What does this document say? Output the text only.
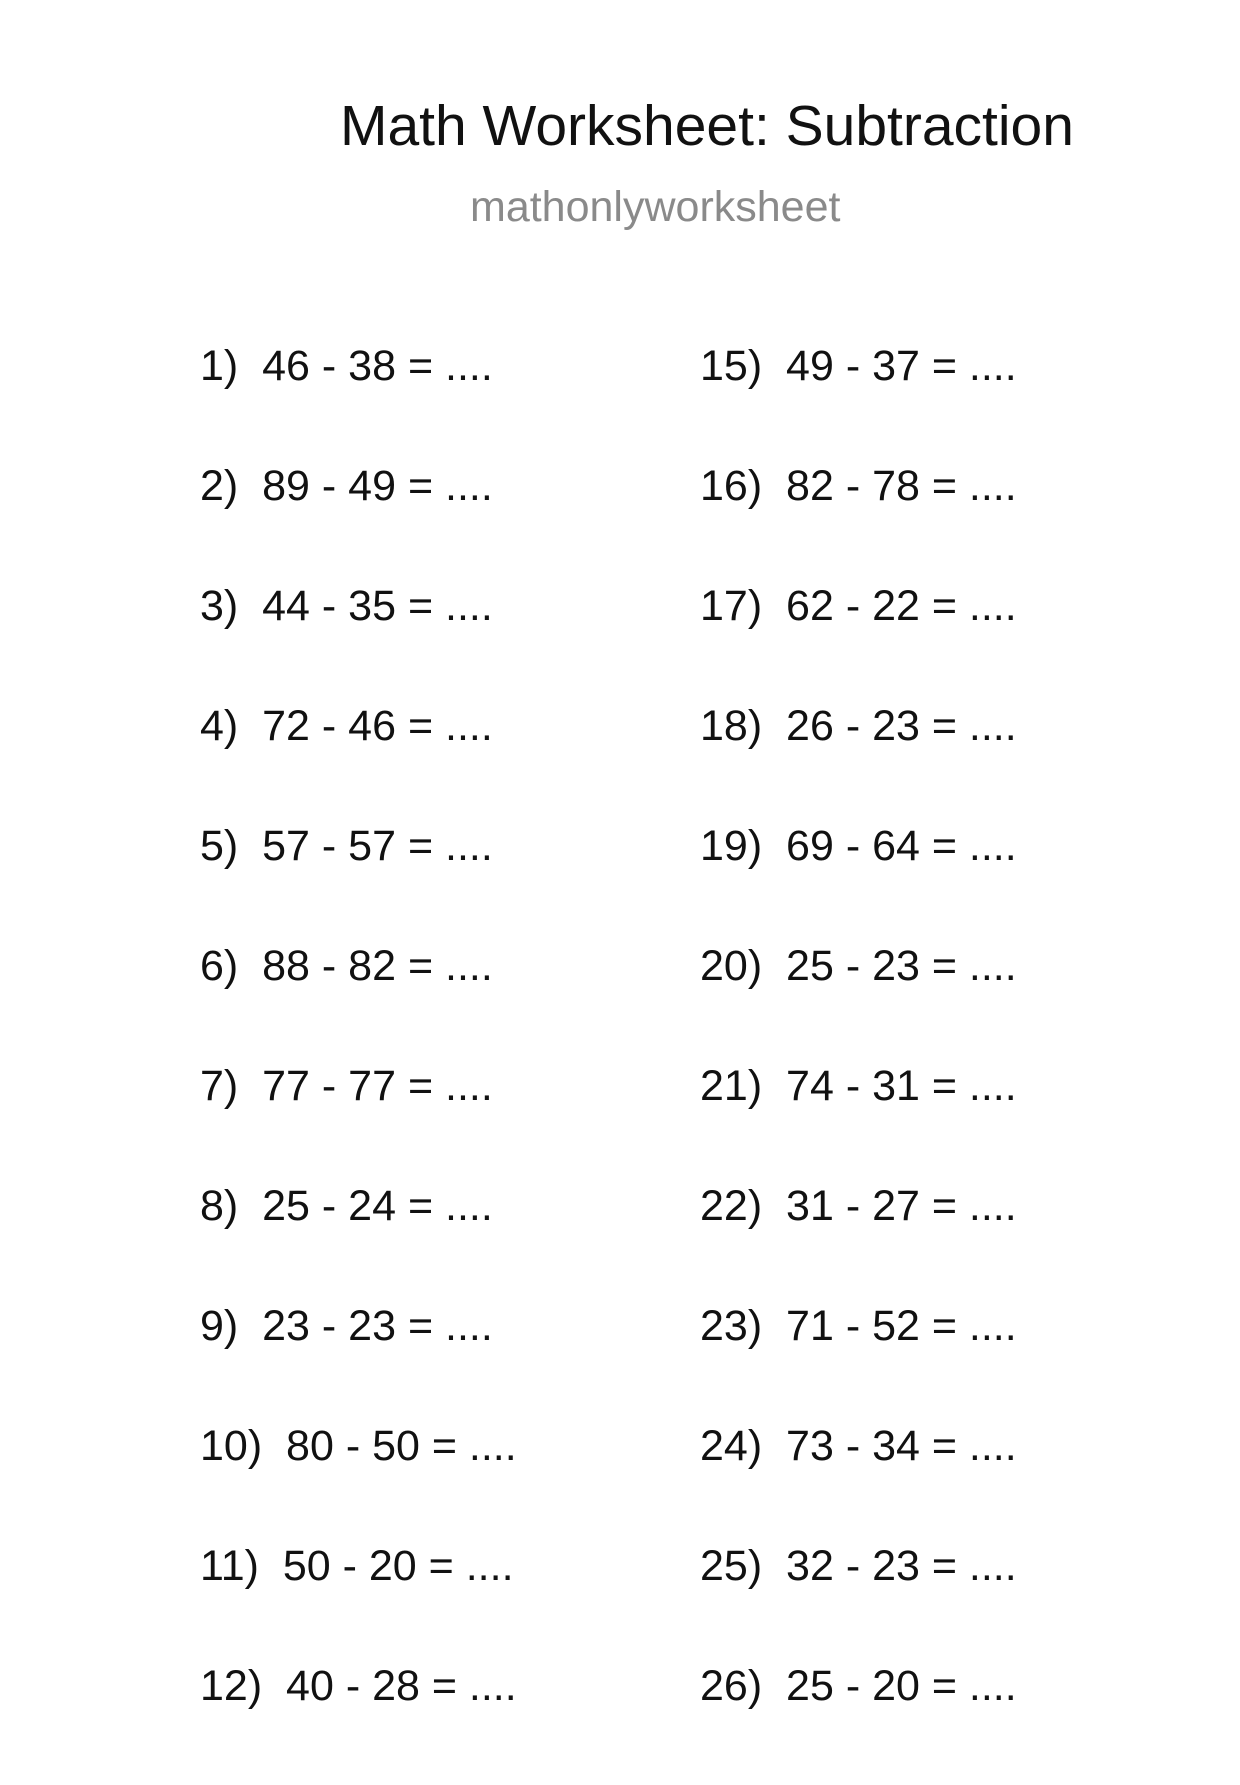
Math Worksheet: Subtraction
mathonlyworksheet
1)  46 - 38 = ....
2)  89 - 49 = ....
3)  44 - 35 = ....
4)  72 - 46 = ....
5)  57 - 57 = ....
6)  88 - 82 = ....
7)  77 - 77 = ....
8)  25 - 24 = ....
9)  23 - 23 = ....
10)  80 - 50 = ....
11)  50 - 20 = ....
12)  40 - 28 = ....
15)  49 - 37 = ....
16)  82 - 78 = ....
17)  62 - 22 = ....
18)  26 - 23 = ....
19)  69 - 64 = ....
20)  25 - 23 = ....
21)  74 - 31 = ....
22)  31 - 27 = ....
23)  71 - 52 = ....
24)  73 - 34 = ....
25)  32 - 23 = ....
26)  25 - 20 = ....
